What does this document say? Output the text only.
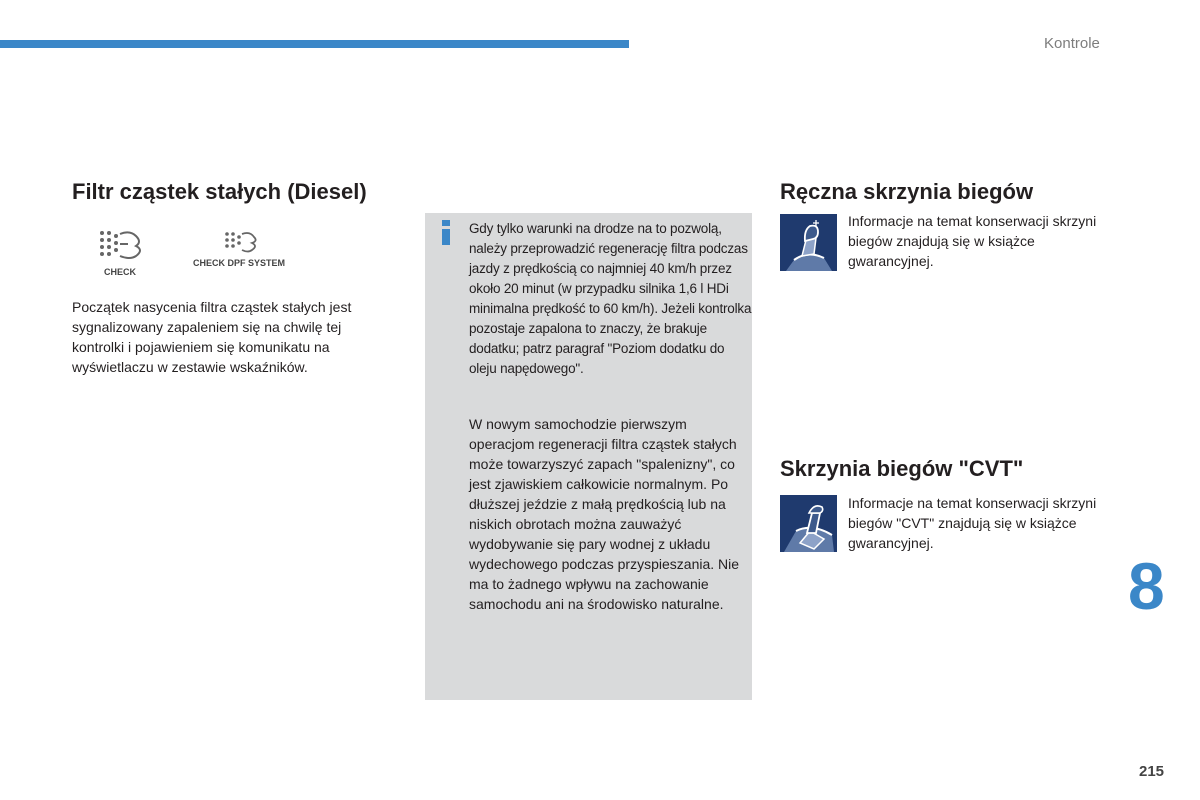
Kontrole
Filtr cząstek stałych (Diesel)
CHECK
CHECK DPF SYSTEM
Początek nasycenia filtra cząstek stałych jest sygnalizowany zapaleniem się na chwilę tej kontrolki i pojawieniem się komunikatu na wyświetlaczu w zestawie wskaźników.
Gdy tylko warunki na drodze na to pozwolą, należy przeprowadzić regenerację filtra podczas jazdy z prędkością co najmniej 40 km/h przez około 20 minut (w przypadku silnika 1,6 l HDi minimalna prędkość to 60 km/h). Jeżeli kontrolka pozostaje zapalona to znaczy, że brakuje dodatku; patrz paragraf "Poziom dodatku do oleju napędowego".
W nowym samochodzie pierwszym operacjom regeneracji filtra cząstek stałych może towarzyszyć zapach "spalenizny", co jest zjawiskiem całkowicie normalnym. Po dłuższej jeździe z małą prędkością lub na niskich obrotach można zauważyć wydobywanie się pary wodnej z układu wydechowego podczas przyspieszania. Nie ma to żadnego wpływu na zachowanie samochodu ani na środowisko naturalne.
Ręczna skrzynia biegów
Informacje na temat konserwacji skrzyni biegów znajdują się w książce gwarancyjnej.
Skrzynia biegów "CVT"
Informacje na temat konserwacji skrzyni biegów "CVT" znajdują się w książce gwarancyjnej.
8
215
